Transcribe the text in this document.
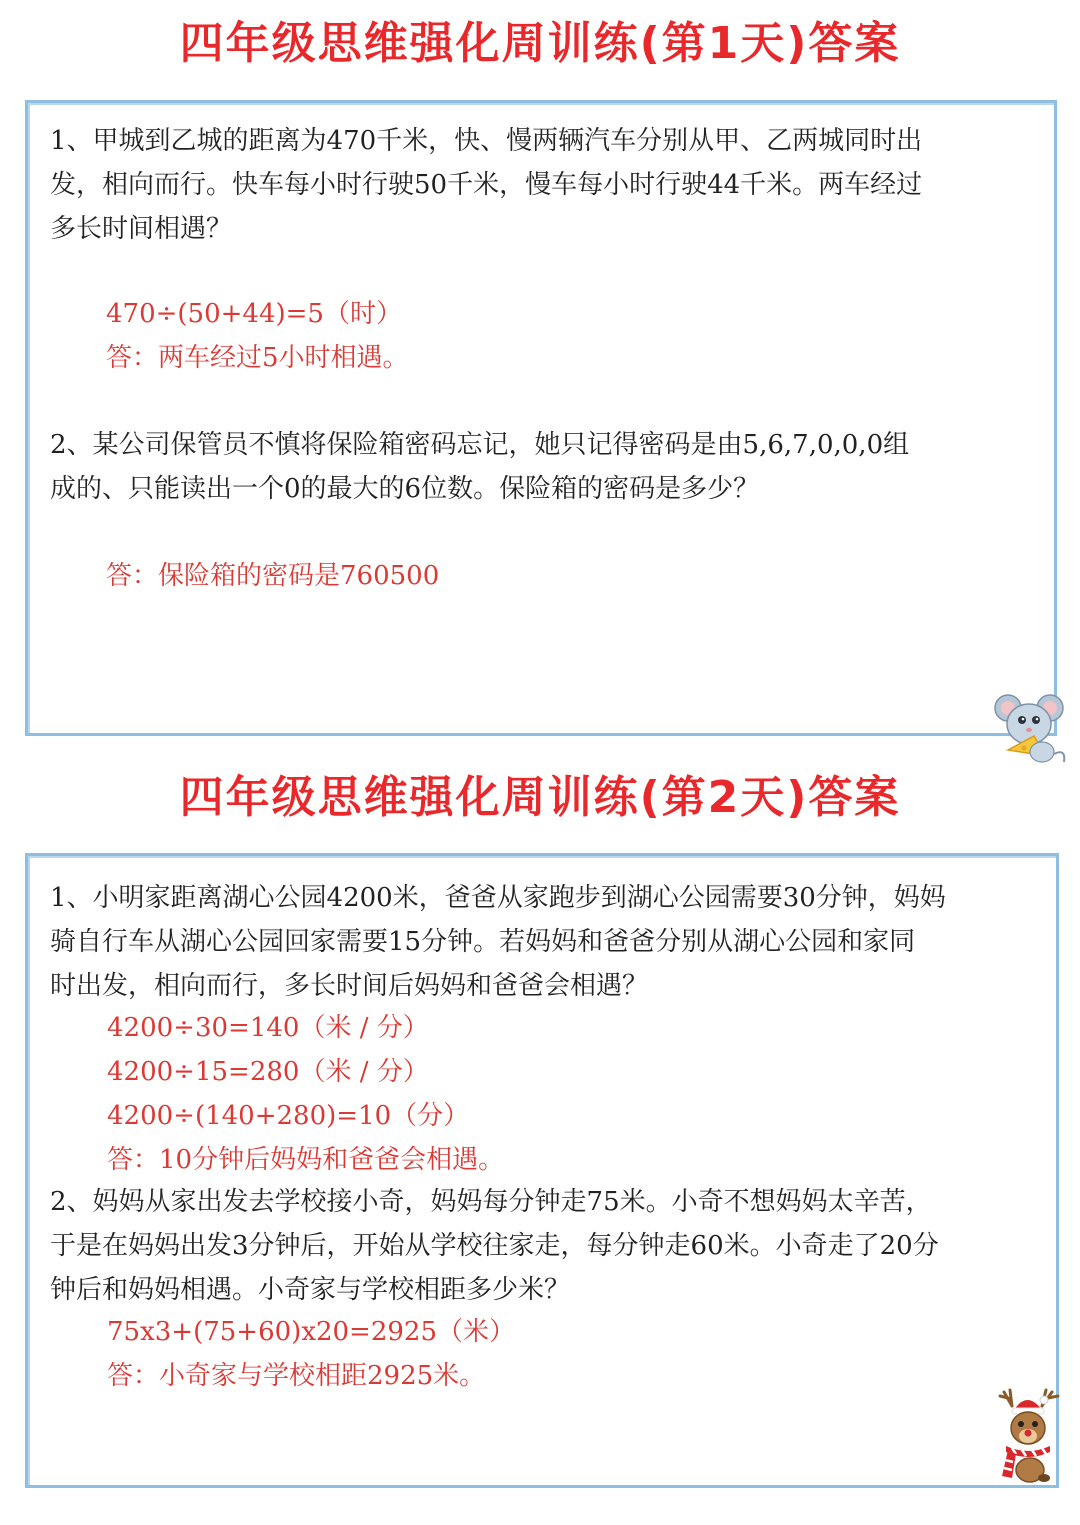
四年级思维强化周训练(第1天)答案
1、甲城到乙城的距离为470千米，快、慢两辆汽车分别从甲、乙两城同时出
发，相向而行。快车每小时行驶50千米，慢车每小时行驶44千米。两车经过
多长时间相遇？
470÷(50+44)=5（时）
答：两车经过5小时相遇。
2、某公司保管员不慎将保险箱密码忘记，她只记得密码是由5,6,7,0,0,0组
成的、只能读出一个0的最大的6位数。保险箱的密码是多少？
答：保险箱的密码是760500
四年级思维强化周训练(第2天)答案
1、小明家距离湖心公园4200米，爸爸从家跑步到湖心公园需要30分钟，妈妈
骑自行车从湖心公园回家需要15分钟。若妈妈和爸爸分别从湖心公园和家同
时出发，相向而行，多长时间后妈妈和爸爸会相遇？
4200÷30=140（米 / 分）
4200÷15=280（米 / 分）
4200÷(140+280)=10（分）
答：10分钟后妈妈和爸爸会相遇。
2、妈妈从家出发去学校接小奇，妈妈每分钟走75米。小奇不想妈妈太辛苦，
于是在妈妈出发3分钟后，开始从学校往家走，每分钟走60米。小奇走了20分
钟后和妈妈相遇。小奇家与学校相距多少米？
75x3+(75+60)x20=2925（米）
答：小奇家与学校相距2925米。
